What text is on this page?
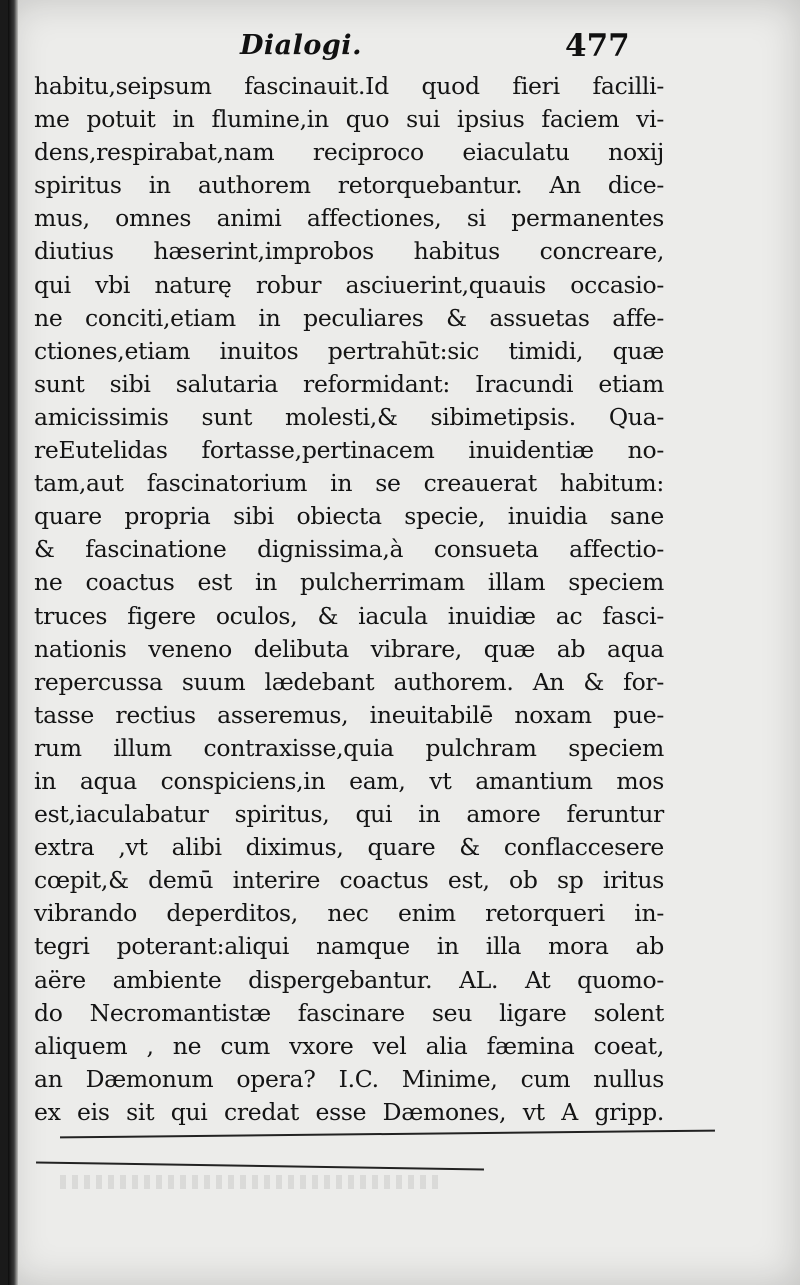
Dialogi.	477
habitu,seipsum fascinauit.Id quod fieri facilli-
me potuit in flumine,in quo sui ipsius faciem vi-
dens,respirabat,nam reciproco eiaculatu noxij
spiritus in authorem retorquebantur. An dice-
mus, omnes animi affectiones, si permanentes
diutius hæserint,improbos habitus concreare,
qui vbi naturę robur asciuerint,quauis occasio-
ne conciti,etiam in peculiares & assuetas affe-
ctiones,etiam inuitos pertrahūt:sic timidi, quæ
sunt sibi salutaria reformidant: Iracundi etiam
amicissimis sunt molesti,& sibimetipsis. Qua-
reEutelidas fortasse,pertinacem inuidentiæ no-
tam,aut fascinatorium in se creauerat habitum:
quare propria sibi obiecta specie, inuidia sane
& fascinatione dignissima,à consueta affectio-
ne coactus est in pulcherrimam illam speciem
truces figere oculos, & iacula inuidiæ ac fasci-
nationis veneno delibuta vibrare, quæ ab aqua
repercussa suum lædebant authorem. An & for-
tasse rectius asseremus, ineuitabilē noxam pue-
rum illum contraxisse,quia pulchram speciem
in aqua conspiciens,in eam, vt amantium mos
est,iaculabatur spiritus, qui in amore feruntur
extra ,vt alibi diximus, quare & conflaccesere
cœpit,& demū interire coactus est, ob sp iritus
vibrando deperditos, nec enim retorqueri in-
tegri poterant:aliqui namque in illa mora ab
aëre ambiente dispergebantur. AL. At quomo-
do Necromantistæ fascinare seu ligare solent
aliquem , ne cum vxore vel alia fæmina coeat,
an Dæmonum opera? I.C. Minime, cum nullus
ex eis sit qui credat esse Dæmones, vt A gripp.
